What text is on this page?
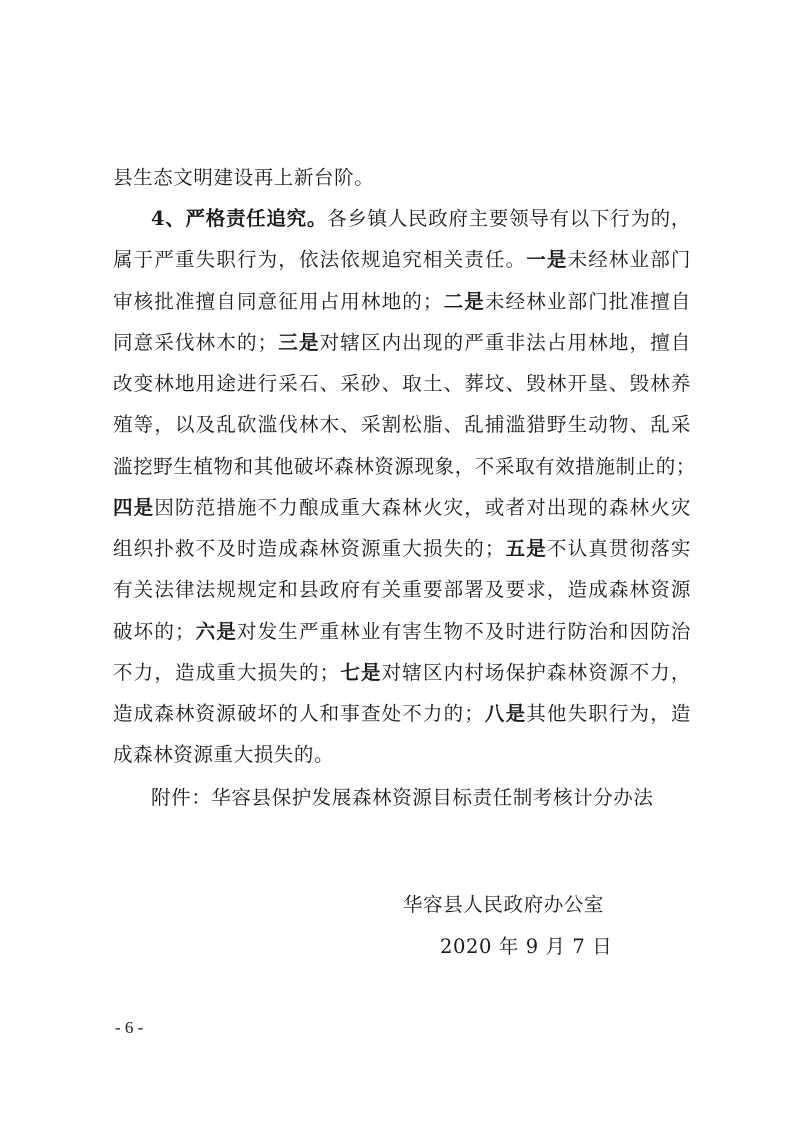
县生态文明建设再上新台阶。
4、严格责任追究。各乡镇人民政府主要领导有以下行为的，
属于严重失职行为，依法依规追究相关责任。一是未经林业部门
审核批准擅自同意征用占用林地的；二是未经林业部门批准擅自
同意采伐林木的；三是对辖区内出现的严重非法占用林地，擅自
改变林地用途进行采石、采砂、取土、葬坟、毁林开垦、毁林养
殖等，以及乱砍滥伐林木、采割松脂、乱捕滥猎野生动物、乱采
滥挖野生植物和其他破坏森林资源现象，不采取有效措施制止的；
四是因防范措施不力酿成重大森林火灾，或者对出现的森林火灾
组织扑救不及时造成森林资源重大损失的；五是不认真贯彻落实
有关法律法规规定和县政府有关重要部署及要求，造成森林资源
破坏的；六是对发生严重林业有害生物不及时进行防治和因防治
不力，造成重大损失的；七是对辖区内村场保护森林资源不力，
造成森林资源破坏的人和事查处不力的；八是其他失职行为，造
成森林资源重大损失的。
附件：华容县保护发展森林资源目标责任制考核计分办法
华容县人民政府办公室
2020 年 9 月 7 日
- 6 -
